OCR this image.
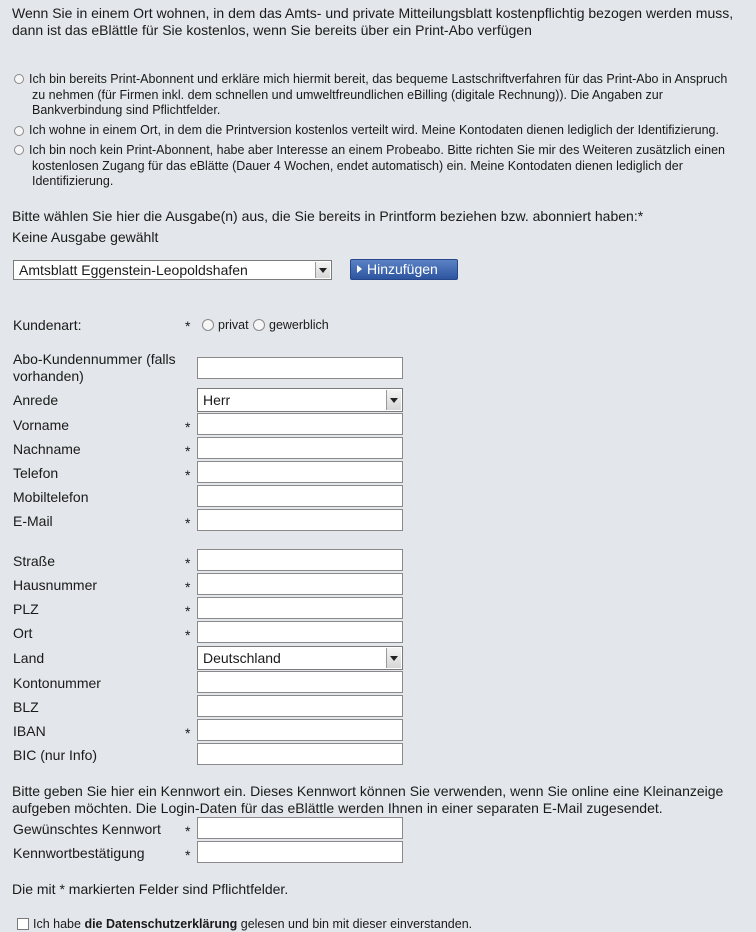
Wenn Sie in einem Ort wohnen, in dem das Amts- und private Mitteilungsblatt kostenpflichtig bezogen werden muss,
dann ist das eBlättle für Sie kostenlos, wenn Sie bereits über ein Print-Abo verfügen
Ich bin bereits Print-Abonnent und erkläre mich hiermit bereit, das bequeme Lastschriftverfahren für das Print-Abo in Anspruch
zu nehmen (für Firmen inkl. dem schnellen und umweltfreundlichen eBilling (digitale Rechnung)). Die Angaben zur
Bankverbindung sind Pflichtfelder.
Ich wohne in einem Ort, in dem die Printversion kostenlos verteilt wird. Meine Kontodaten dienen lediglich der Identifizierung.
Ich bin noch kein Print-Abonnent, habe aber Interesse an einem Probeabo. Bitte richten Sie mir des Weiteren zusätzlich einen
kostenlosen Zugang für das eBlätte (Dauer 4 Wochen, endet automatisch) ein. Meine Kontodaten dienen lediglich der
Identifizierung.
Bitte wählen Sie hier die Ausgabe(n) aus, die Sie bereits in Printform beziehen bzw. abonniert haben:*
Keine Ausgabe gewählt
Amtsblatt Eggenstein-Leopoldshafen	Hinzufügen
Kundenart:	* privat gewerblich
Abo-Kundennummer (falls
vorhanden)
Anrede	Herr
Vorname	*
Nachname	*
Telefon	*
Mobiltelefon
E-Mail	*
Straße	*
Hausnummer	*
PLZ	*
Ort	*
Land	Deutschland
Kontonummer
BLZ
IBAN	*
BIC (nur Info)
Bitte geben Sie hier ein Kennwort ein. Dieses Kennwort können Sie verwenden, wenn Sie online eine Kleinanzeige
aufgeben möchten. Die Login-Daten für das eBlättle werden Ihnen in einer separaten E-Mail zugesendet.
Gewünschtes Kennwort *
Kennwortbestätigung	*
Die mit * markierten Felder sind Pflichtfelder.
Ich habe die Datenschutzerklärung gelesen und bin mit dieser einverstanden.
